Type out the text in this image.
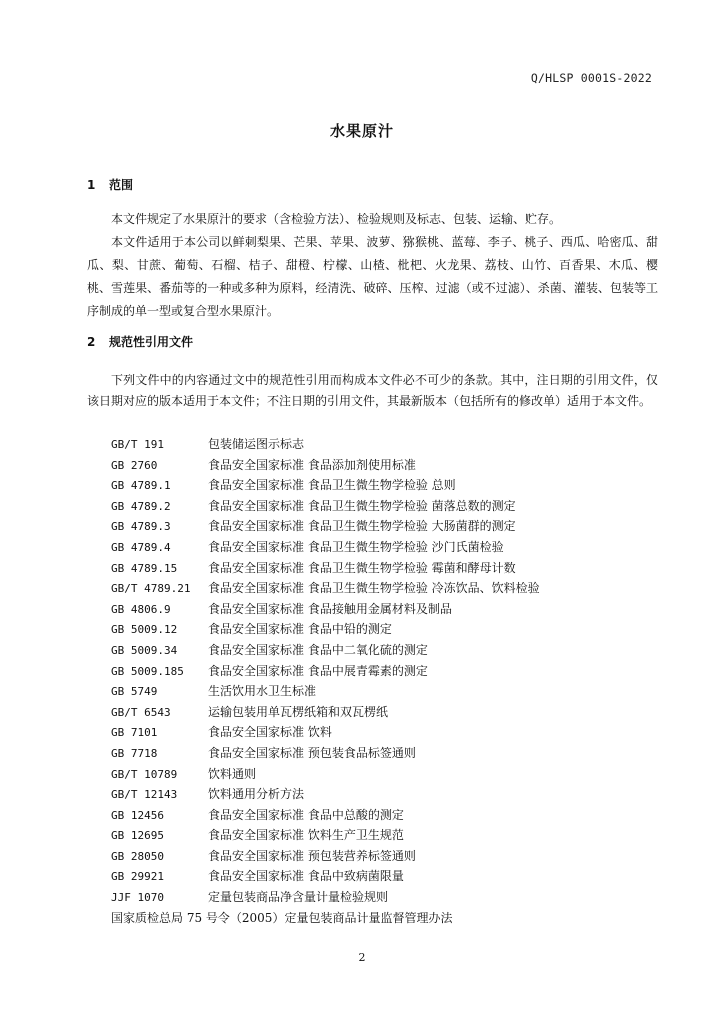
Q/HLSP 0001S-2022
水果原汁
1 范围

本文件规定了水果原汁的要求（含检验方法）、检验规则及标志、包装、运输、贮存。

本文件适用于本公司以鲜刺梨果、芒果、苹果、波萝、猕猴桃、蓝莓、李子、桃子、西瓜、哈密瓜、甜瓜、梨、甘蔗、葡萄、石榴、桔子、甜橙、柠檬、山楂、枇杷、火龙果、荔枝、山竹、百香果、木瓜、樱桃、雪莲果、番茄等的一种或多种为原料，经清洗、破碎、压榨、过滤（或不过滤）、杀菌、灌装、包装等工序制成的单一型或复合型水果原汁。

2 规范性引用文件

下列文件中的内容通过文中的规范性引用而构成本文件必不可少的条款。其中，注日期的引用文件，仅该日期对应的版本适用于本文件；不注日期的引用文件，其最新版本（包括所有的修改单）适用于本文件。

GB/T 191	包装储运图示标志
GB 2760	食品安全国家标准 食品添加剂使用标准
GB 4789.1	食品安全国家标准 食品卫生微生物学检验 总则
GB 4789.2	食品安全国家标准 食品卫生微生物学检验 菌落总数的测定
GB 4789.3	食品安全国家标准 食品卫生微生物学检验 大肠菌群的测定
GB 4789.4	食品安全国家标准 食品卫生微生物学检验 沙门氏菌检验
GB 4789.15	食品安全国家标准 食品卫生微生物学检验 霉菌和酵母计数
GB/T 4789.21 食品安全国家标准 食品卫生微生物学检验 冷冻饮品、饮料检验
GB 4806.9	食品安全国家标准 食品接触用金属材料及制品
GB 5009.12	食品安全国家标准 食品中铅的测定
GB 5009.34	食品安全国家标准 食品中二氧化硫的测定
GB 5009.185 食品安全国家标准 食品中展青霉素的测定
GB 5749	生活饮用水卫生标准
GB/T 6543	运输包装用单瓦楞纸箱和双瓦楞纸
GB 7101	食品安全国家标准 饮料
GB 7718	食品安全国家标准 预包装食品标签通则
GB/T 10789	饮料通则
GB/T 12143	饮料通用分析方法
GB 12456	食品安全国家标准 食品中总酸的测定
GB 12695	食品安全国家标准 饮料生产卫生规范
GB 28050	食品安全国家标准 预包装营养标签通则
GB 29921	食品安全国家标准 食品中致病菌限量
JJF 1070	定量包装商品净含量计量检验规则
国家质检总局 75 号令（2005）定量包装商品计量监督管理办法
2
